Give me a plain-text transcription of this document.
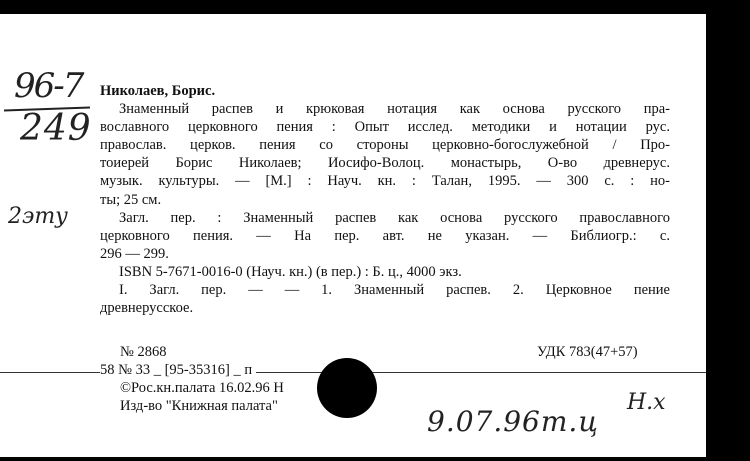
96-7
249
2эту
Николаев, Борис.
Знаменный распев и крюковая нотация как основа русского пра-
вославного церковного пения : Опыт исслед. методики и нотации рус.
православ. церков. пения со стороны церковно-богослужебной / Про-
тоиерей Борис Николаев; Иосифо-Волоц. монастырь, О-во древнерус.
музык. культуры. — [М.] : Науч. кн. : Талан, 1995. — 300 с. : но-
ты; 25 см.
Загл. пер. : Знаменный распев как основа русского православного
церковного пения. — На пер. авт. не указан. — Библиогр.: с.
296 — 299.
ISBN 5-7671-0016-0 (Науч. кн.) (в пер.) : Б. ц., 4000 экз.
I. Загл. пер. — — 1. Знаменный распев. 2. Церковное пение
древнерусское.
№ 2868	УДК 783(47+57)
58 № 33 _ [95-35316] _ п
©Рос.кн.палата 16.02.96 Н
Изд-во "Книжная палата"	9.07.96т.ц
Н.х
